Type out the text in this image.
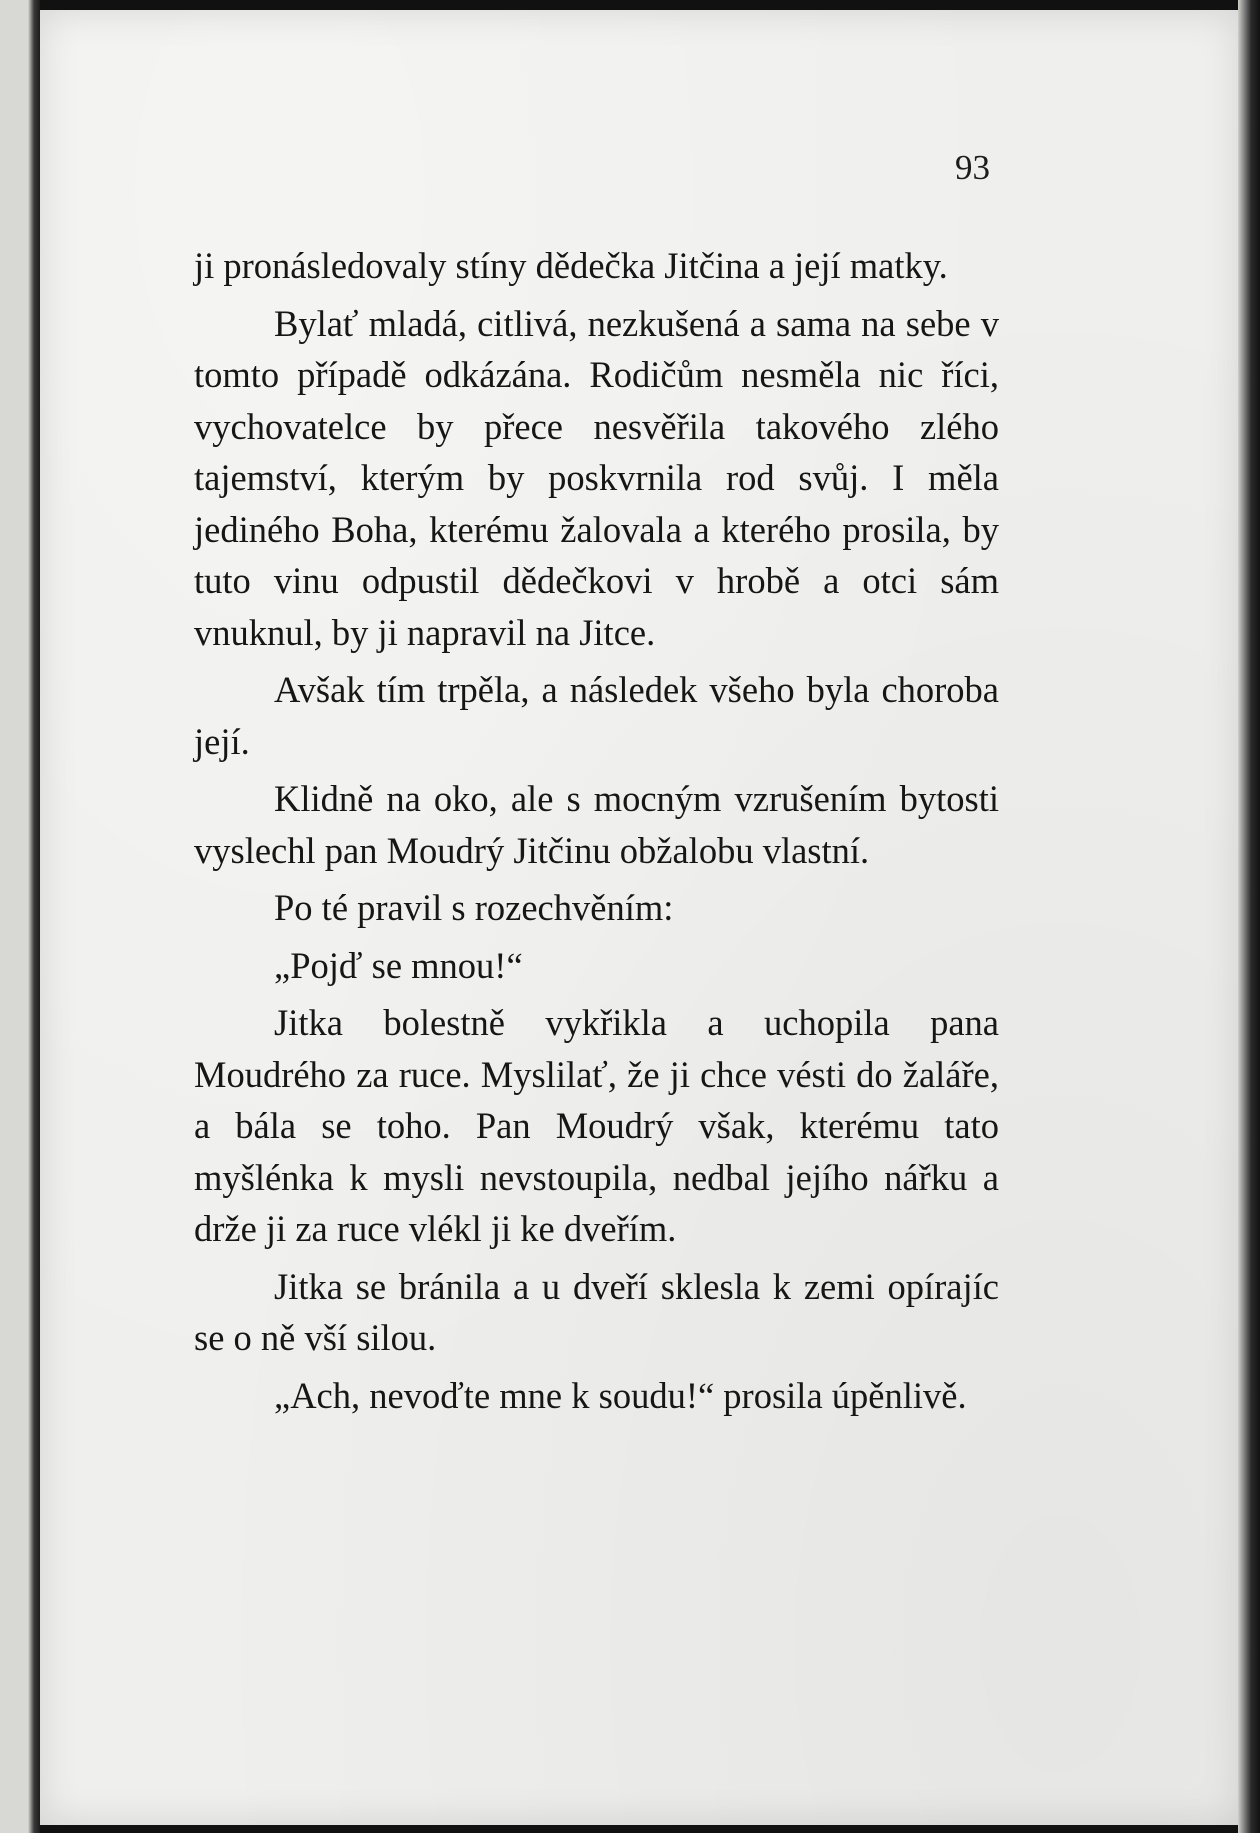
93

ji pronásledovaly stíny dědečka Jitčina a její matky.

Bylať mladá, citlivá, nezkušená a sama na sebe v tomto případě odkázána. Rodičům nesměla nic říci, vychovatelce by přece nesvěřila takového zlého tajemství, kterým by poskvrnila rod svůj. I měla jediného Boha, kterému žalovala a kterého prosila, by tuto vinu odpustil dědečkovi v hrobě a otci sám vnuknul, by ji napravil na Jitce.

Avšak tím trpěla, a následek všeho byla choroba její.

Klidně na oko, ale s mocným vzrušením bytosti vyslechl pan Moudrý Jitčinu obžalobu vlastní.

Po té pravil s rozechvěním:

„Pojď se mnou!“

Jitka bolestně vykřikla a uchopila pana Moudrého za ruce. Myslilať, že ji chce vésti do žaláře, a bála se toho. Pan Moudrý však, kterému tato myšlénka k mysli nevstoupila, nedbal jejího nářku a drže ji za ruce vlékl ji ke dveřím.

Jitka se bránila a u dveří sklesla k zemi opírajíc se o ně vší silou.

„Ach, nevoďte mne k soudu!“ prosila úpěnlivě.
